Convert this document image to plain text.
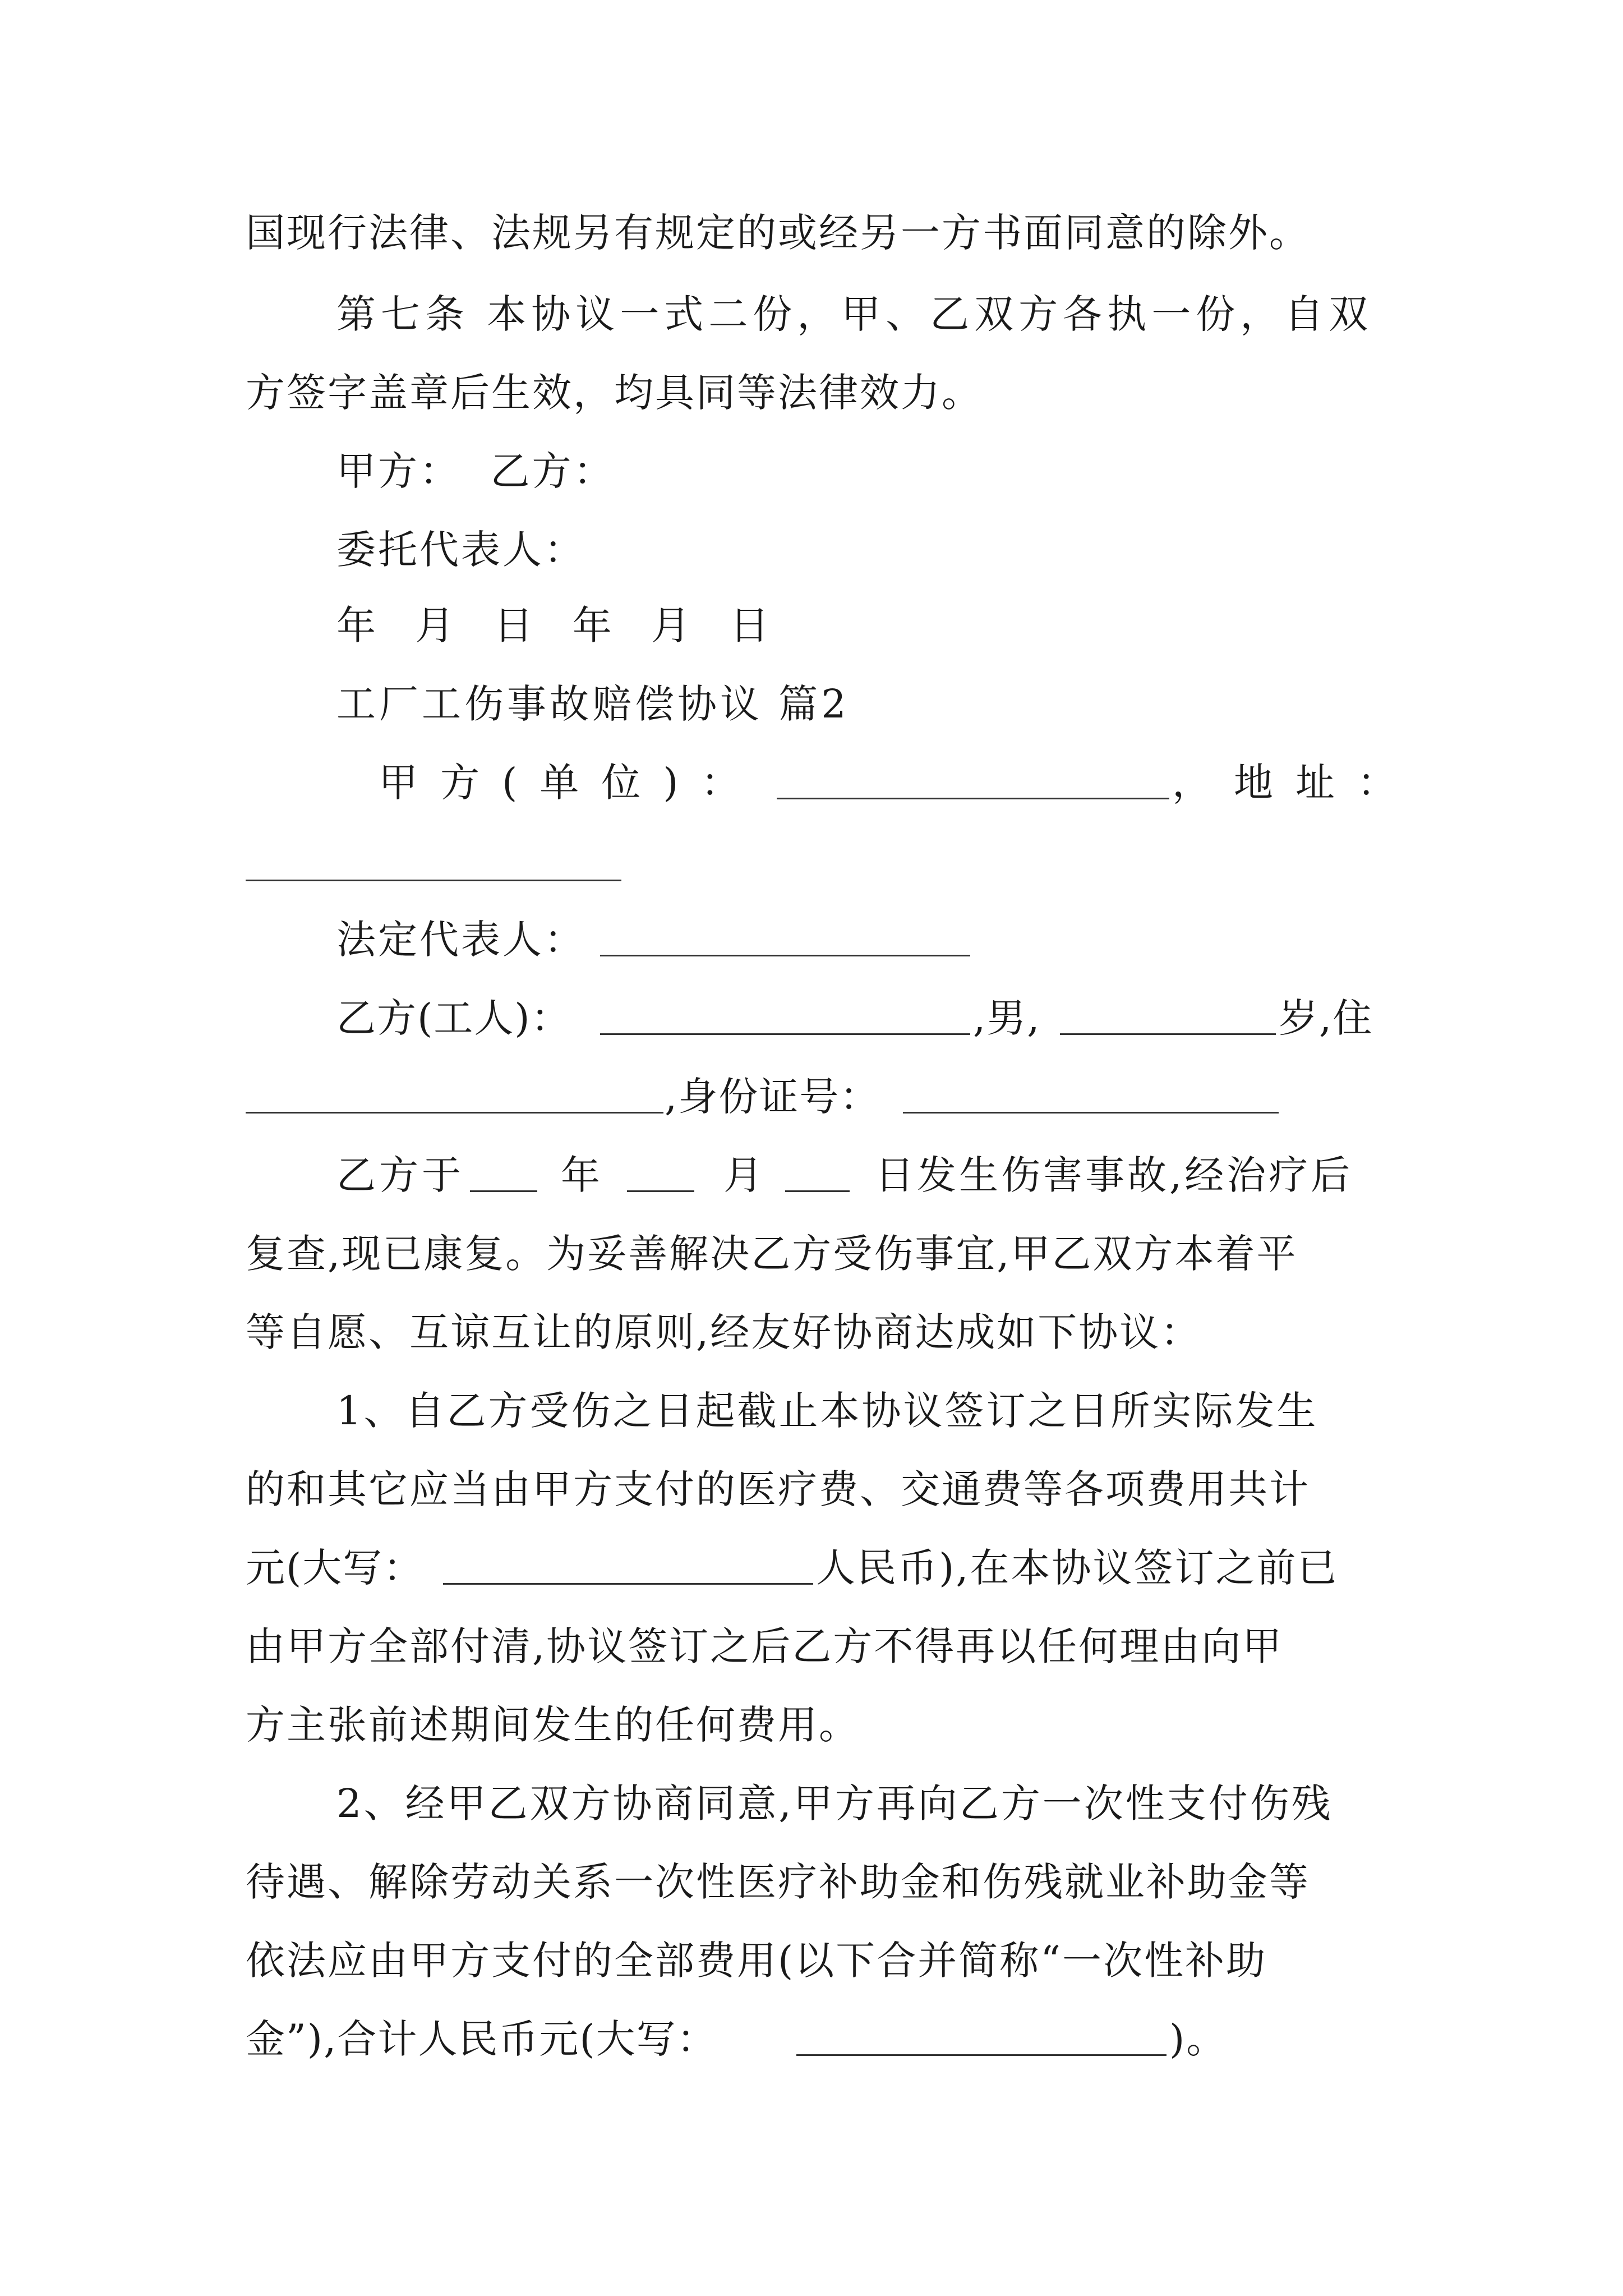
国现行法律、法规另有规定的或经另一方书面同意的除外。
第七条 本协议一式二份，甲、乙双方各执一份，自双
方签字盖章后生效，均具同等法律效力。
甲方：  乙方：
委托代表人：
年 月 日 年 月 日
工厂工伤事故赔偿协议 篇2
甲方(单位)：	，地址：
法定代表人：
乙方(工人)：	,男,	岁,住
,身份证号：
乙方于 年	月	日发生伤害事故,经治疗后
复查,现已康复。为妥善解决乙方受伤事宜,甲乙双方本着平
等自愿、互谅互让的原则,经友好协商达成如下协议：
1、自乙方受伤之日起截止本协议签订之日所实际发生
的和其它应当由甲方支付的医疗费、交通费等各项费用共计
元(大写：	人民币),在本协议签订之前已
由甲方全部付清,协议签订之后乙方不得再以任何理由向甲
方主张前述期间发生的任何费用。
2、经甲乙双方协商同意,甲方再向乙方一次性支付伤残
待遇、解除劳动关系一次性医疗补助金和伤残就业补助金等
依法应由甲方支付的全部费用(以下合并简称“一次性补助
金”),合计人民币元(大写：	)。
